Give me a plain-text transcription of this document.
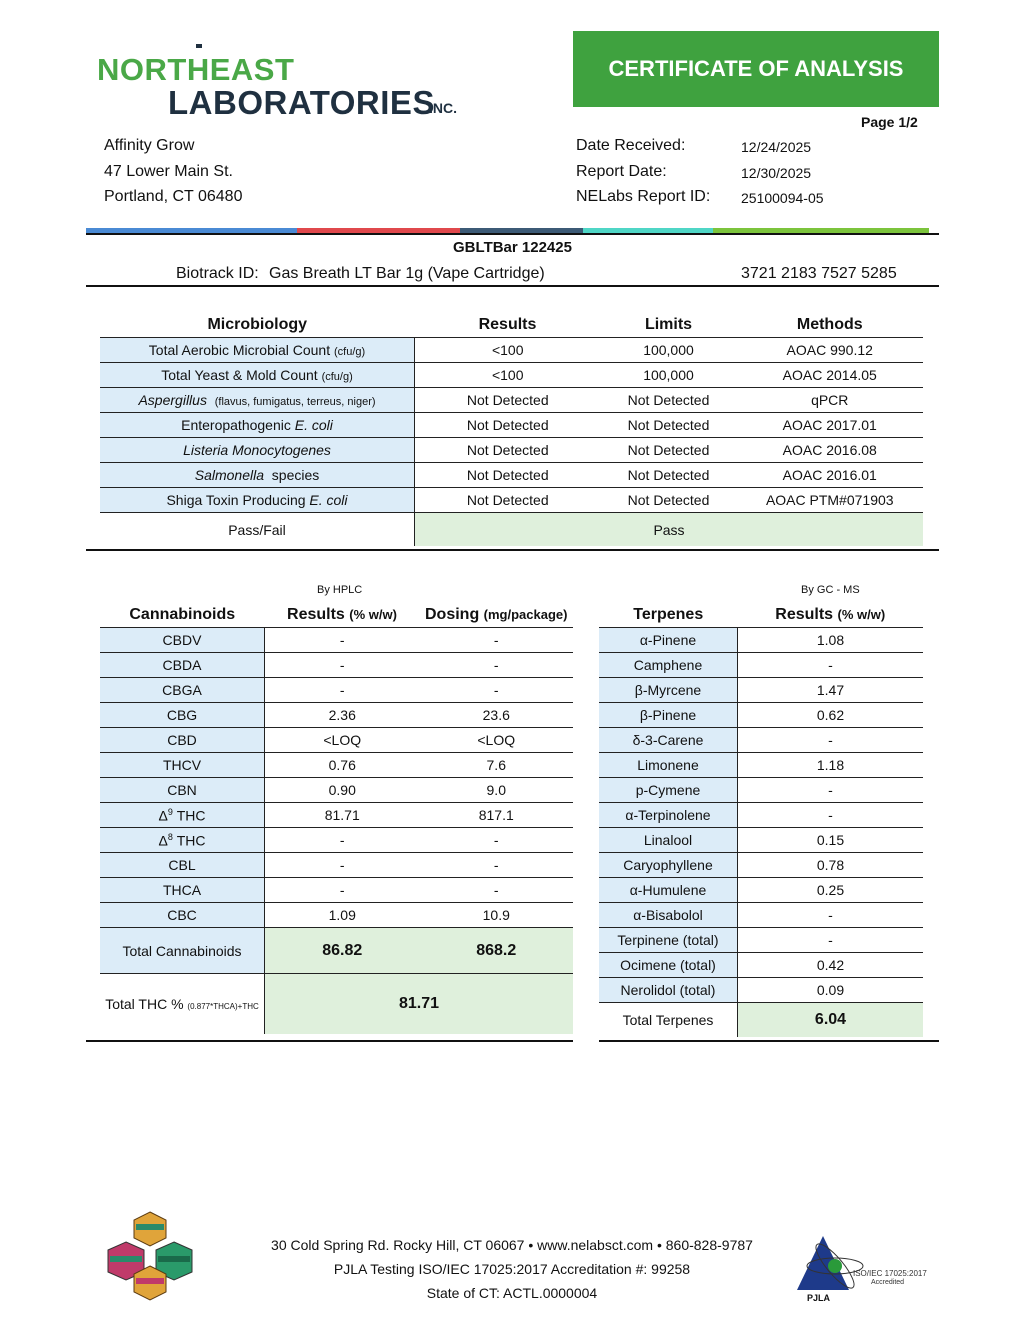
NORTHEAST
LABORATORIES
INC.
CERTIFICATE OF ANALYSIS
Page 1/2
Affinity Grow
47 Lower Main St.
Portland, CT 06480
Date Received:	12/24/2025
Report Date:	12/30/2025
NELabs Report ID: 25100094-05
GBLTBar 122425
Biotrack ID: Gas Breath LT Bar 1g (Vape Cartridge)	3721 2183 7527 5285
Microbiology	Results	Limits	Methods
Total Aerobic Microbial Count (cfu/g)	<100	100,000	AOAC 990.12
Total Yeast & Mold Count (cfu/g)	<100	100,000	AOAC 2014.05
Aspergillus (flavus, fumigatus, terreus, niger)	Not Detected	Not Detected	qPCR
Enteropathogenic E. coli	Not Detected	Not Detected	AOAC 2017.01
Listeria Monocytogenes	Not Detected	Not Detected	AOAC 2016.08
Salmonella  species	Not Detected	Not Detected	AOAC 2016.01
Shiga Toxin Producing E. coli	Not Detected	Not Detected	AOAC PTM#071903
Pass/Fail	Pass		
By HPLC	By GC - MS
Cannabinoids	Results (% w/w)	Dosing (mg/package)
CBDV	-	-
CBDA	-	-
CBGA	-	-
CBG	2.36	23.6
CBD	<LOQ	<LOQ
THCV	0.76	7.6
CBN	0.90	9.0
$\Delta^9$ THC	81.71	817.1
$\Delta^8$ THC	-	-
CBL	-	-
THCA	-	-
CBC	1.09	10.9
Total Cannabinoids	86.82	868.2
Total THC % (0.877*THCA)+THC	81.71	
Terpenes	Results (% w/w)
α-Pinene	1.08
Camphene	-
β-Myrcene	1.47
β-Pinene	0.62
δ-3-Carene	-
Limonene	1.18
p-Cymene	-
α-Terpinolene	-
Linalool	0.15
Caryophyllene	0.78
α-Humulene	0.25
α-Bisabolol	-
Terpinene (total)	-
Ocimene (total)	0.42
Nerolidol (total)	0.09
Total Terpenes	6.04
30 Cold Spring Rd. Rocky Hill, CT 06067 • www.nelabsct.com • 860-828-9787
PJLA Testing ISO/IEC 17025:2017 Accreditation #: 99258
State of CT: ACTL.0000004
ISO/IEC 17025:2017
Accredited
PJLA
